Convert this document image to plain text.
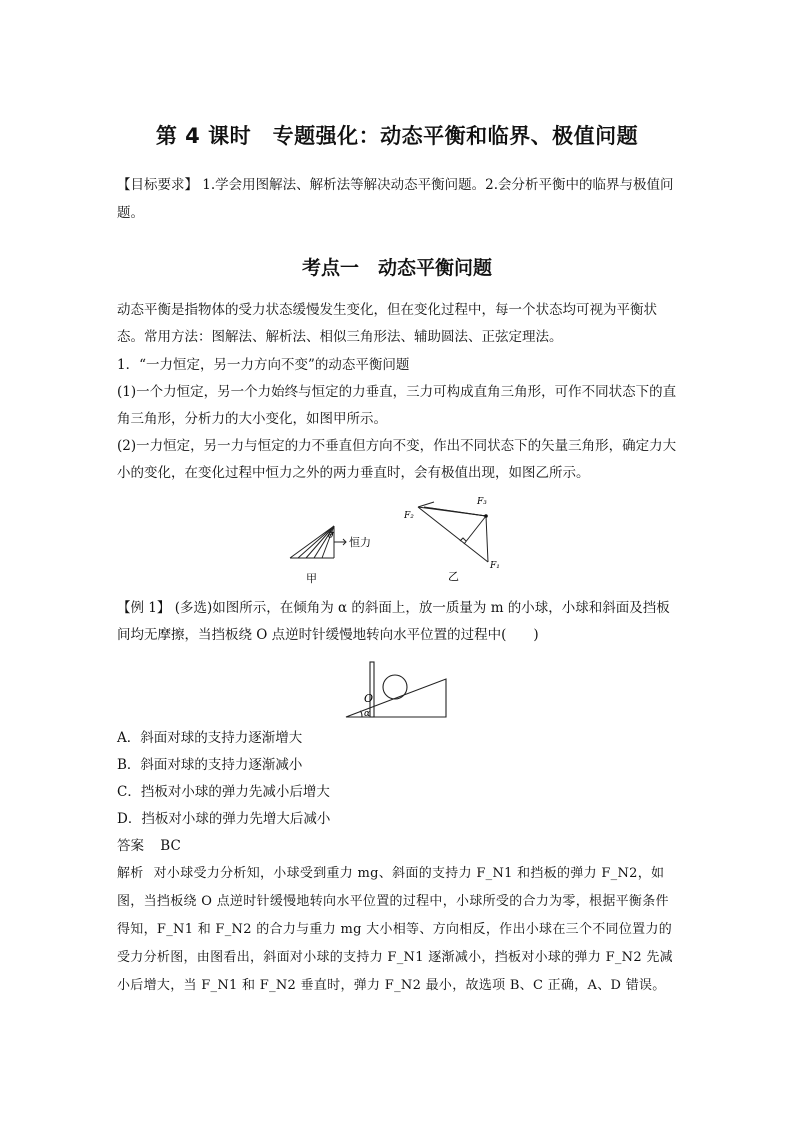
第 4 课时　专题强化：动态平衡和临界、极值问题
【目标要求】 1.学会用图解法、解析法等解决动态平衡问题。2.会分析平衡中的临界与极值问题。
考点一　动态平衡问题
动态平衡是指物体的受力状态缓慢发生变化，但在变化过程中，每一个状态均可视为平衡状态。常用方法：图解法、解析法、相似三角形法、辅助圆法、正弦定理法。
1．“一力恒定，另一力方向不变”的动态平衡问题
(1)一个力恒定，另一个力始终与恒定的力垂直，三力可构成直角三角形，可作不同状态下的直角三角形，分析力的大小变化，如图甲所示。
(2)一力恒定，另一力与恒定的力不垂直但方向不变，作出不同状态下的矢量三角形，确定力大小的变化，在变化过程中恒力之外的两力垂直时，会有极值出现，如图乙所示。
θ 恒力
甲
F₂
F₃
F₁
乙
【例 1】 (多选)如图所示，在倾角为 α 的斜面上，放一质量为 m 的小球，小球和斜面及挡板间均无摩擦，当挡板绕 O 点逆时针缓慢地转向水平位置的过程中(　　)
O
α
A．斜面对球的支持力逐渐增大
B．斜面对球的支持力逐渐减小
C．挡板对小球的弹力先减小后增大
D．挡板对小球的弹力先增大后减小
答案 BC
解析 对小球受力分析知，小球受到重力 mg、斜面的支持力 F_N1 和挡板的弹力 F_N2，如图，当挡板绕 O 点逆时针缓慢地转向水平位置的过程中，小球所受的合力为零，根据平衡条件得知，F_N1 和 F_N2 的合力与重力 mg 大小相等、方向相反，作出小球在三个不同位置力的受力分析图，由图看出，斜面对小球的支持力 F_N1 逐渐减小，挡板对小球的弹力 F_N2 先减小后增大，当 F_N1 和 F_N2 垂直时，弹力 F_N2 最小，故选项 B、C 正确，A、D 错误。
